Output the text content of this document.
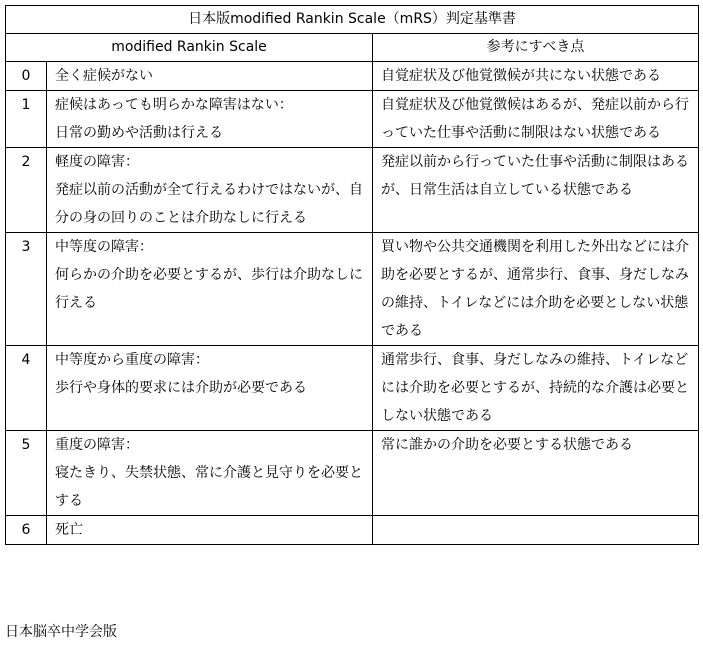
日本版modified Rankin Scale（mRS）判定基準書		
modified Rankin Scale		参考にすべき点
0	全く症候がない	自覚症状及び他覚徴候が共にない状態である

1	症候はあっても明らかな障害はない：
日常の勤めや活動は行える	自覚症状及び他覚徴候はあるが、発症以前から行っていた仕事や活動に制限はない状態である

2	軽度の障害：
発症以前の活動が全て行えるわけではないが、自分の身の回りのことは介助なしに行える	発症以前から行っていた仕事や活動に制限はあるが、日常生活は自立している状態である

3	中等度の障害：
何らかの介助を必要とするが、歩行は介助なしに行える	買い物や公共交通機関を利用した外出などには介助を必要とするが、通常歩行、食事、身だしなみの維持、トイレなどには介助を必要としない状態である

4	中等度から重度の障害：
歩行や身体的要求には介助が必要である	通常歩行、食事、身だしなみの維持、トイレなどには介助を必要とするが、持続的な介護は必要としない状態である

5	重度の障害：
寝たきり、失禁状態、常に介護と見守りを必要とする	常に誰かの介助を必要とする状態である

6	死亡	

日本脳卒中学会版
